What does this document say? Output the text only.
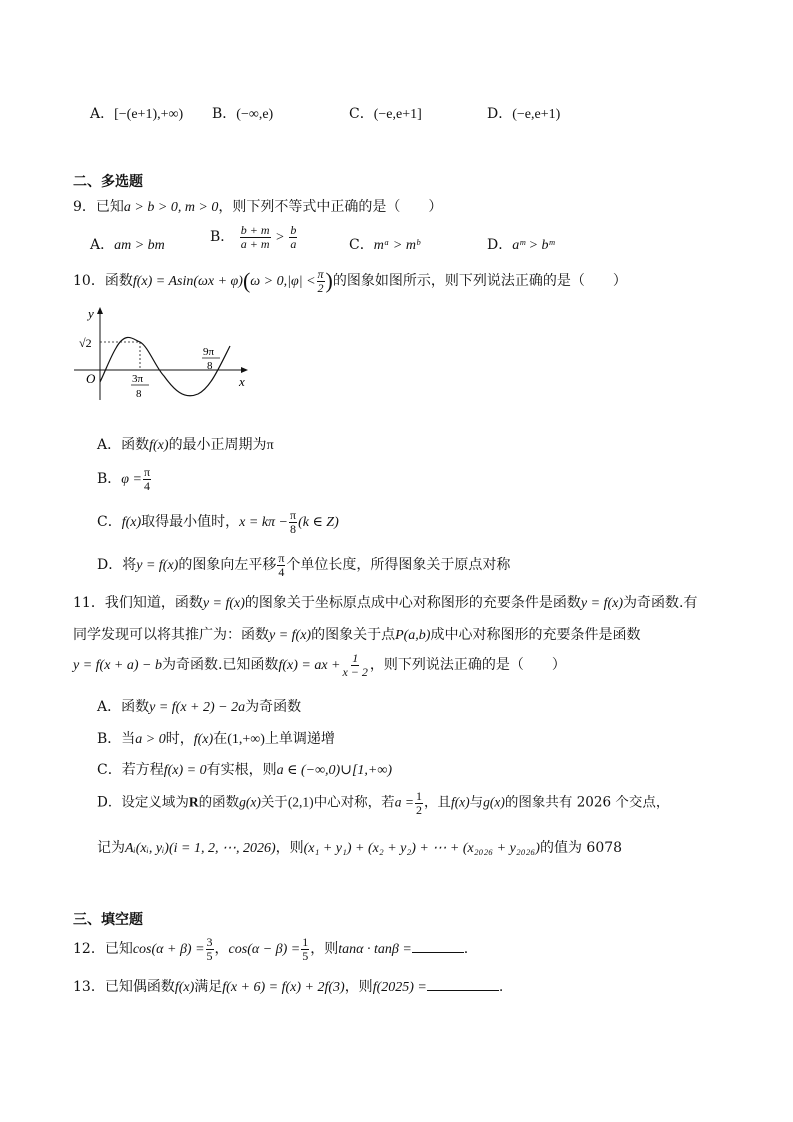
A．[−(e+1),+∞) B．(−∞,e)	C．(−e,e+1]	D．(−e,e+1)
二、多选题
9．已知a > b > 0, m > 0，则下列不等式中正确的是（　　）
A．am > bm
B． $\frac{b + m}{a + m} > \frac{b}{a}$	C．mᵃ > mᵇ	D．aᵐ > bᵐ
10．函数$f(x) = Asin(\omega x + \varphi)(\omega > 0,|\varphi| < \frac{\pi}{2}$ )的图象如图所示，则下列说法正确的是（　　）
y
x
O
√2
3π
8
9π
8
A．函数f(x)的最小正周期为π
B．$\varphi = \frac{\pi}{4}$
C．f(x)取得最小值时，$x = k\pi - \frac{\pi}{8} (k$ ∈ Z)
D．将y = f(x)的图象向左平移 $\frac{\pi}{4}$ 个单位长度，所得图象关于原点对称
11．我们知道，函数y = f(x)的图象关于坐标原点成中心对称图形的充要条件是函数y = f(x)为奇函数.有
同学发现可以将其推广为：函数y = f(x)的图象关于点P(a,b)成中心对称图形的充要条件是函数
y = f(x + a) − b为奇函数.已知函数f(x) = ax + $\frac{1}{x - 2}$ ，则下列说法正确的是（　　）
A．函数y = f(x + 2) − 2a为奇函数
B．当a > 0时，f(x)在(1,+∞)上单调递增
C．若方程f(x) = 0有实根，则a ∈ (−∞,0)∪[1,+∞)
D．设定义域为R的函数g(x)关于(2,1)中心对称，若$a = \frac{1}{2}$ ，且f(x)与g(x)的图象共有 2026 个交点，
记为Aᵢ(xᵢ, yᵢ)(i = 1, 2, ⋯, 2026)，则(x₁ + y₁) + (x₂ + y₂) + ⋯ + (x₂₀₂₆ + y₂₀₂₆)的值为 6078
三、填空题
12．已知$\cos(\alpha + \beta) = \frac{3}{5}$ ，$\cos(\alpha - \beta) = \frac{1}{5}$ ，则tanα · tanβ =	.
13．已知偶函数f(x)满足f(x + 6) = f(x) + 2f(3)，则f(2025) =	.
